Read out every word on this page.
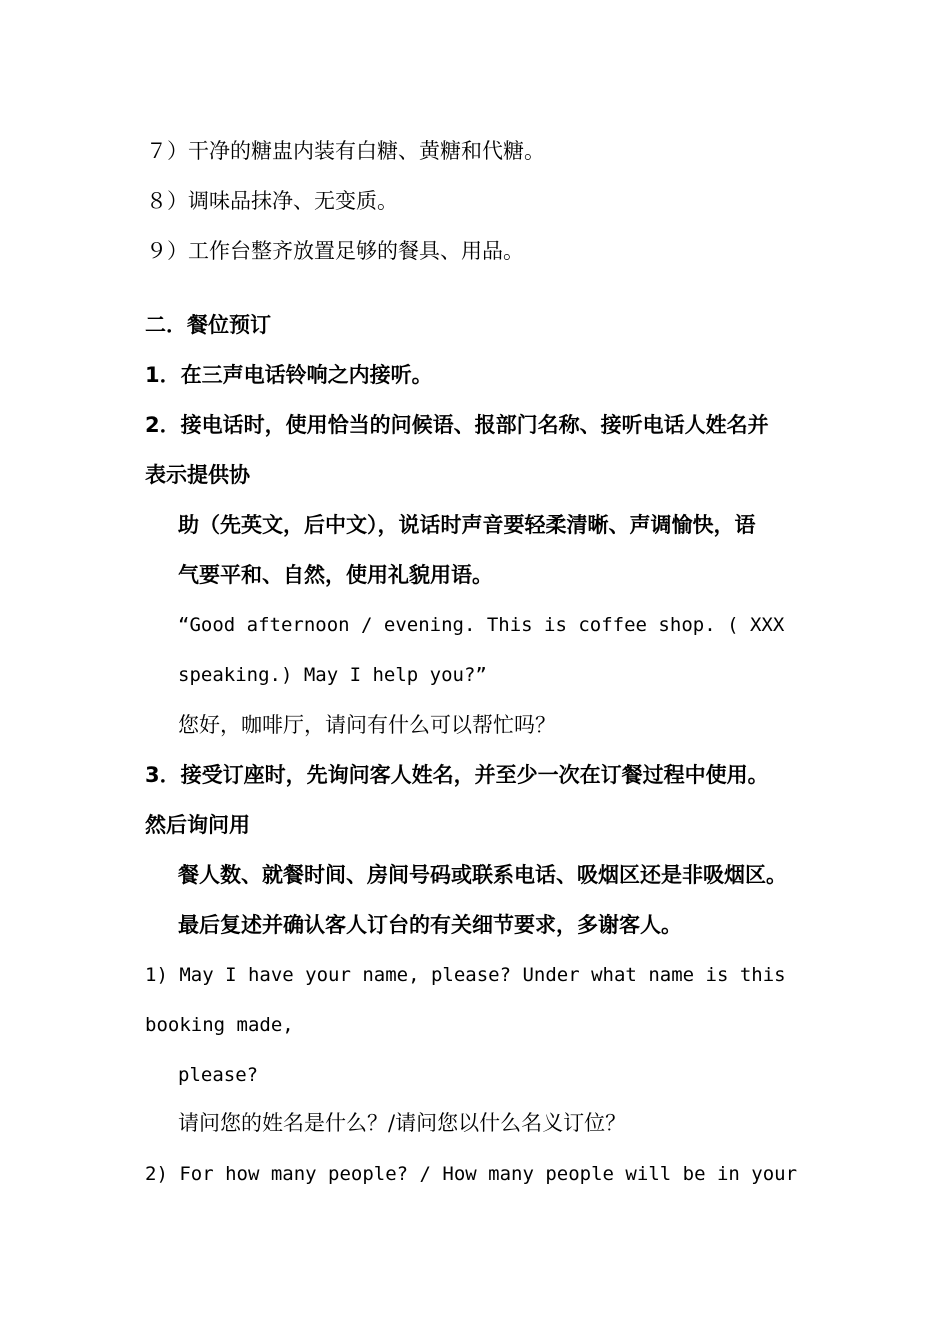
７）干净的糖盅内装有白糖、黄糖和代糖。
８）调味品抹净、无变质。
９）工作台整齐放置足够的餐具、用品。
二．餐位预订
1．在三声电话铃响之内接听。
2．接电话时，使用恰当的问候语、报部门名称、接听电话人姓名并
表示提供协
助（先英文，后中文），说话时声音要轻柔清晰、声调愉快，语
气要平和、自然，使用礼貌用语。
“Good afternoon / evening. This is coffee shop. ( XXX
speaking.) May I help you?”
您好，咖啡厅，请问有什么可以帮忙吗？
3．接受订座时，先询问客人姓名，并至少一次在订餐过程中使用。
然后询问用
餐人数、就餐时间、房间号码或联系电话、吸烟区还是非吸烟区。
最后复述并确认客人订台的有关细节要求，多谢客人。
1) May I have your name, please? Under what name is this
booking made,
please?
请问您的姓名是什么？/请问您以什么名义订位？
2) For how many people? / How many people will be in your
